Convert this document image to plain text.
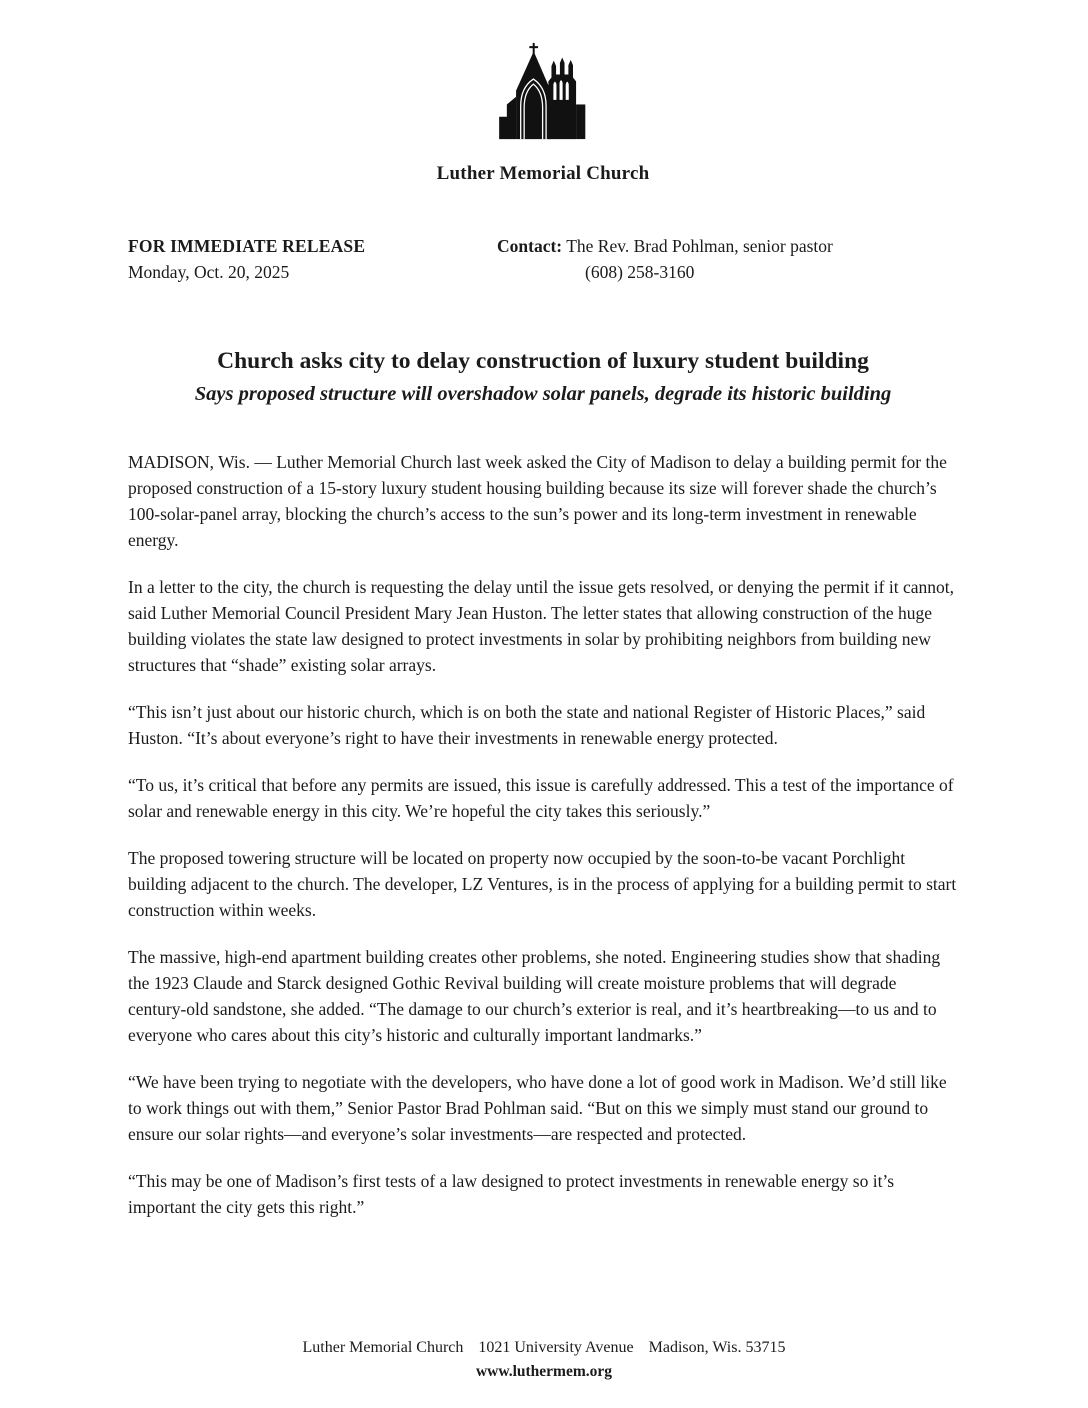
Luther Memorial Church
FOR IMMEDIATE RELEASE
Monday, Oct. 20, 2025
Contact: The Rev. Brad Pohlman, senior pastor
(608) 258-3160
Church asks city to delay construction of luxury student building
Says proposed structure will overshadow solar panels, degrade its historic building

MADISON, Wis. — Luther Memorial Church last week asked the City of Madison to delay a building permit for the proposed construction of a 15-story luxury student housing building because its size will forever shade the church’s 100-solar-panel array, blocking the church’s access to the sun’s power and its long-term investment in renewable energy.

In a letter to the city, the church is requesting the delay until the issue gets resolved, or denying the permit if it cannot, said Luther Memorial Council President Mary Jean Huston. The letter states that allowing construction of the huge building violates the state law designed to protect investments in solar by prohibiting neighbors from building new structures that “shade” existing solar arrays.

“This isn’t just about our historic church, which is on both the state and national Register of Historic Places,” said Huston. “It’s about everyone’s right to have their investments in renewable energy protected.

“To us, it’s critical that before any permits are issued, this issue is carefully addressed. This a test of the importance of solar and renewable energy in this city. We’re hopeful the city takes this seriously.”

The proposed towering structure will be located on property now occupied by the soon-to-be vacant Porchlight building adjacent to the church. The developer, LZ Ventures, is in the process of applying for a building permit to start construction within weeks.

The massive, high-end apartment building creates other problems, she noted. Engineering studies show that shading the 1923 Claude and Starck designed Gothic Revival building will create moisture problems that will degrade century-old sandstone, she added. “The damage to our church’s exterior is real, and it’s heartbreaking—to us and to everyone who cares about this city’s historic and culturally important landmarks.”

“We have been trying to negotiate with the developers, who have done a lot of good work in Madison. We’d still like to work things out with them,” Senior Pastor Brad Pohlman said. “But on this we simply must stand our ground to ensure our solar rights—and everyone’s solar investments—are respected and protected.

“This may be one of Madison’s first tests of a law designed to protect investments in renewable energy so it’s important the city gets this right.”

Luther Memorial Church 1021 University Avenue Madison, Wis. 53715
www.luthermem.org
